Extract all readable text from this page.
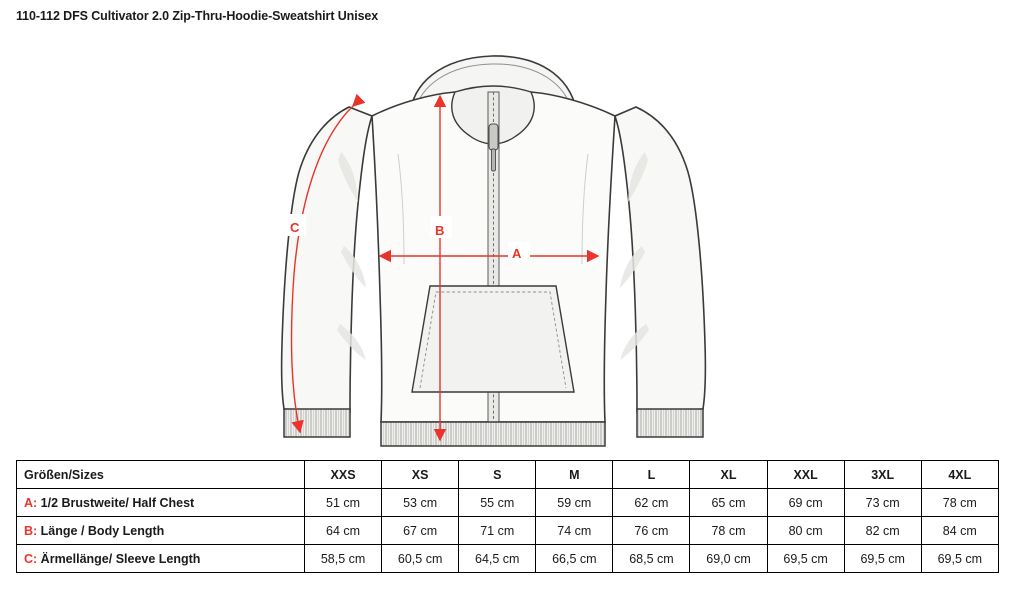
110-112 DFS Cultivator 2.0 Zip-Thru-Hoodie-Sweatshirt Unisex
B
A
C
Größen/Sizes	XXS	XS	S	M	L	XL	XXL	3XL	4XL
A: 1/2 Brustweite/ Half Chest	51 cm	53 cm	55 cm	59 cm	62 cm	65 cm	69 cm	73 cm	78 cm
B: Länge / Body Length	64 cm	67 cm	71 cm	74 cm	76 cm	78 cm	80 cm	82 cm	84 cm
C: Ärmellänge/ Sleeve Length	58,5 cm	60,5 cm	64,5 cm	66,5 cm	68,5 cm	69,0 cm	69,5 cm	69,5 cm	69,5 cm
